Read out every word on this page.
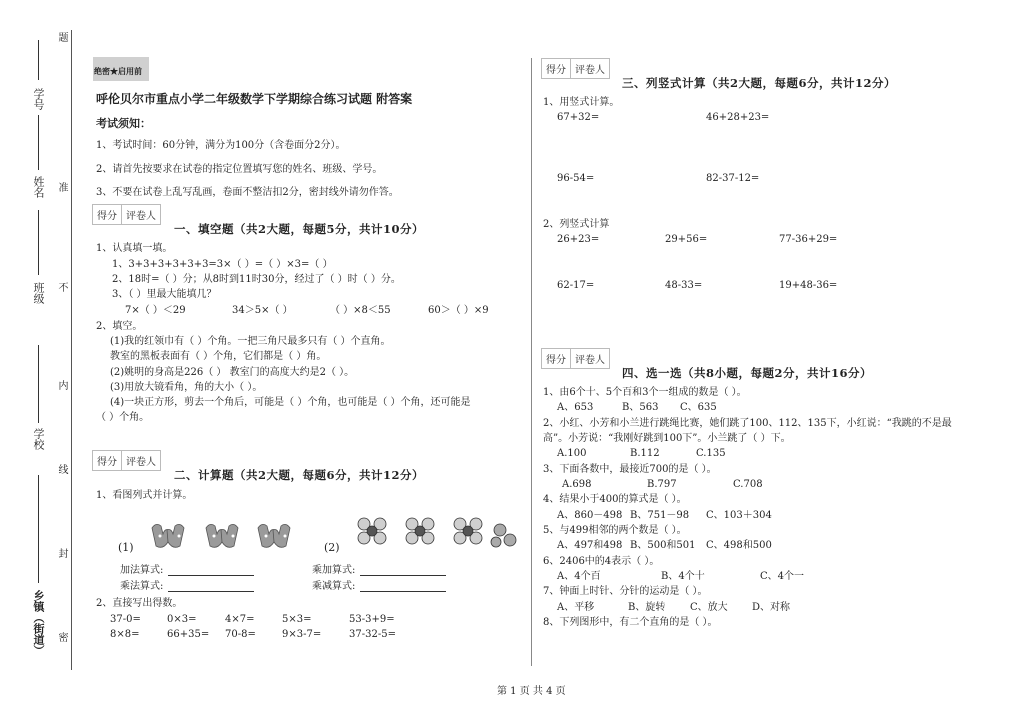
学号
姓名
班级
学校
乡镇（街道）
题
准
不
内
线
封
密
绝密★启用前
呼伦贝尔市重点小学二年级数学下学期综合练习试题 附答案
考试须知：
1、考试时间：60分钟，满分为100分（含卷面分2分）。
2、请首先按要求在试卷的指定位置填写您的姓名、班级、学号。
3、不要在试卷上乱写乱画，卷面不整洁扣2分，密封线外请勿作答。
得分 评卷人
一、填空题（共2大题，每题5分，共计10分）
1、认真填一填。
1、3+3+3+3+3+3=3×（ ）=（ ）×3=（ ）
2、18时=（ ）分；从8时到11时30分，经过了（ ）时（ ）分。
3、（ ）里最大能填几？
7×（ ）＜29	34＞5×（ ）	（ ）×8＜55	60＞（ ）×9
2、填空。
(1)我的红领巾有（ ）个角。一把三角尺最多只有（ ）个直角。
教室的黑板表面有（ ）个角，它们都是（ ）角。
(2)姚明的身高是226（ ） 教室门的高度大约是2（ ）。
(3)用放大镜看角，角的大小（ ）。
(4)一块正方形，剪去一个角后，可能是（ ）个角，也可能是（ ）个角，还可能是
（ ）个角。
得分 评卷人
二、计算题（共2大题，每题6分，共计12分）
1、看图列式并计算。
(1)	(2)
加法算式:
乘法算式:
乘加算式:
乘减算式:
2、直接写出得数。
37-0=	0×3=	4×7=	5×3=	53-3+9=
8×8=	66+35= 70-8=	9×3-7=	37-32-5=
得分 评卷人
三、列竖式计算（共2大题，每题6分，共计12分）
1、用竖式计算。
67+32=	46+28+23=
96-54=	82-37-12=
2、列竖式计算
26+23=	29+56=	77-36+29=
62-17=	48-33=	19+48-36=
得分 评卷人
四、选一选（共8小题，每题2分，共计16分）
1、由6个十、5个百和3个一组成的数是（ ）。
A、653	B、563 C、635
2、小红、小芳和小兰进行跳绳比赛，她们跳了100、112、135下，小红说：“我跳的不是最
高”。小芳说：“我刚好跳到100下”。小兰跳了（ ）下。
A.100	B.112	C.135
3、下面各数中，最接近700的是（ ）。
A.698	B.797	C.708
4、结果小于400的算式是（ ）。
A、860－498 B、751－98 C、103＋304
5、与499相邻的两个数是（ ）。
A、497和498 B、500和501 C、498和500
6、2406中的4表示（ ）。
A、4个百	B、4个十	C、4个一
7、钟面上时针、分针的运动是（ ）。
A、平移	B、旋转 C、放大 D、对称
8、下列图形中，有二个直角的是（ ）。
第 1 页 共 4 页
